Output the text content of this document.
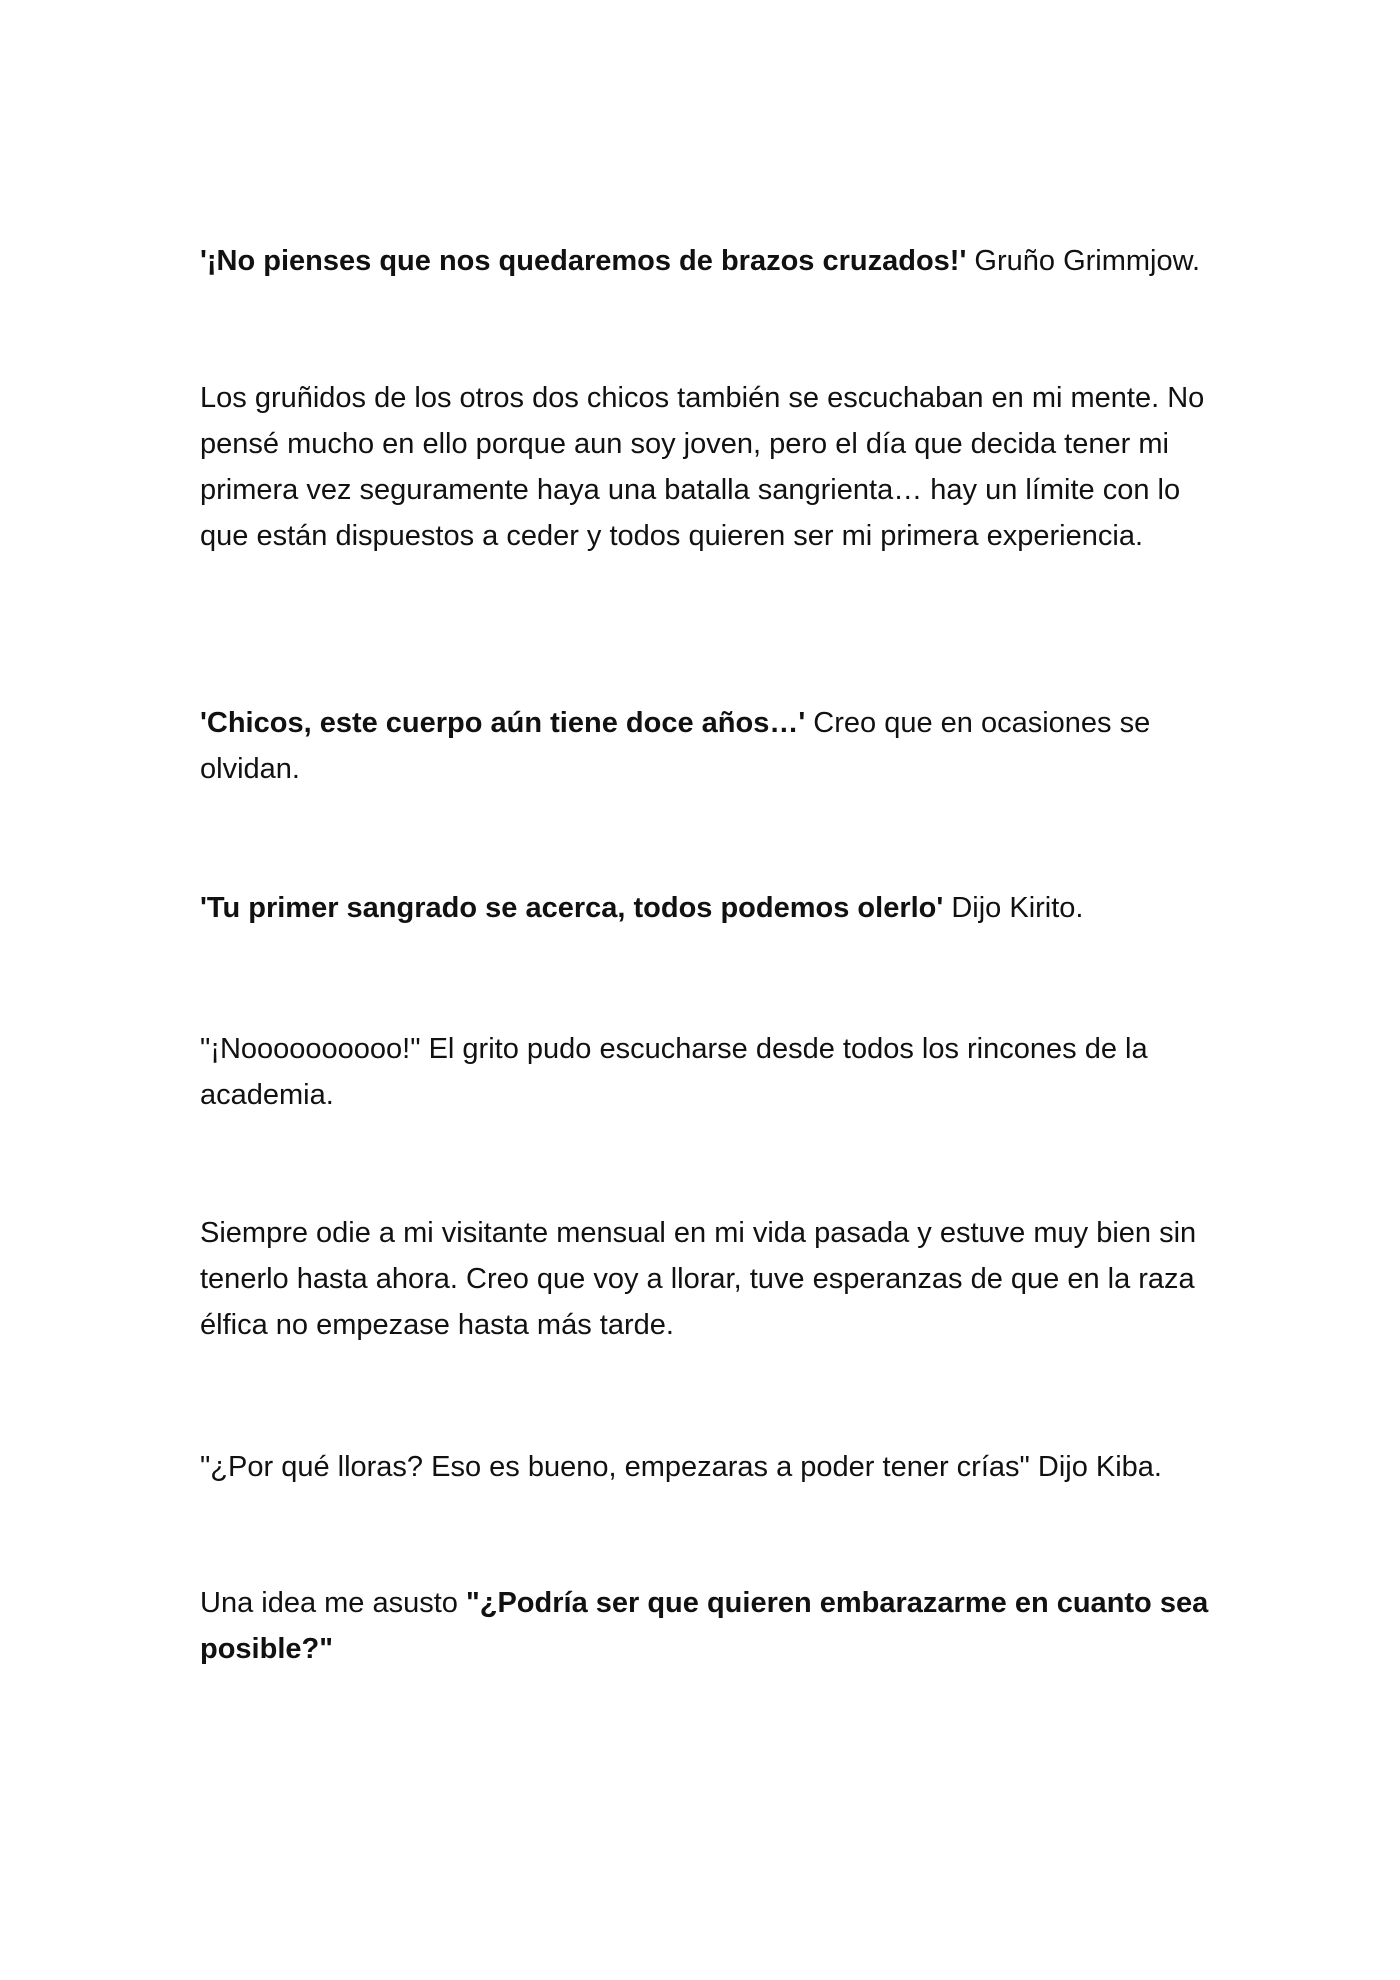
'¡No pienses que nos quedaremos de brazos cruzados!' Gruño Grimmjow.

Los gruñidos de los otros dos chicos también se escuchaban en mi mente. No pensé mucho en ello porque aun soy joven, pero el día que decida tener mi primera vez seguramente haya una batalla sangrienta… hay un límite con lo que están dispuestos a ceder y todos quieren ser mi primera experiencia.

'Chicos, este cuerpo aún tiene doce años…' Creo que en ocasiones se olvidan.

'Tu primer sangrado se acerca, todos podemos olerlo' Dijo Kirito.

"¡Noooooooooo!" El grito pudo escucharse desde todos los rincones de la academia.

Siempre odie a mi visitante mensual en mi vida pasada y estuve muy bien sin tenerlo hasta ahora. Creo que voy a llorar, tuve esperanzas de que en la raza élfica no empezase hasta más tarde.

"¿Por qué lloras? Eso es bueno, empezaras a poder tener crías" Dijo Kiba.

Una idea me asusto "¿Podría ser que quieren embarazarme en cuanto sea posible?"
